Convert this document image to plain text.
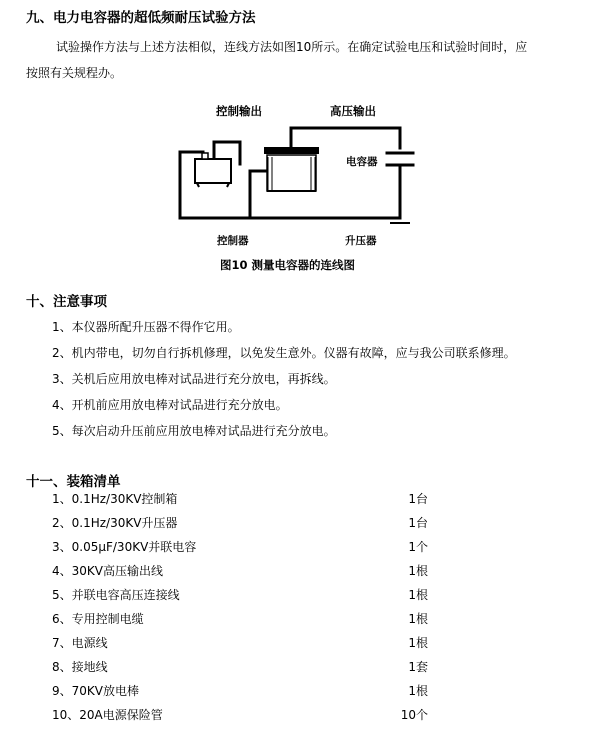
九、电力电容器的超低频耐压试验方法
试验操作方法与上述方法相似，连线方法如图10所示。在确定试验电压和试验时间时，应
按照有关规程办。
控制输出	高压输出
电容器
控制器	升压器
图10 测量电容器的连线图
十、注意事项
1、本仪器所配升压器不得作它用。
2、机内带电，切勿自行拆机修理，以免发生意外。仪器有故障，应与我公司联系修理。
3、关机后应用放电棒对试品进行充分放电，再拆线。
4、开机前应用放电棒对试品进行充分放电。
5、每次启动升压前应用放电棒对试品进行充分放电。
十一、装箱清单
1、0.1Hz/30KV控制箱	1台
2、0.1Hz/30KV升压器	1台
3、0.05μF/30KV并联电容	1个
4、30KV高压输出线	1根
5、并联电容高压连接线	1根
6、专用控制电缆	1根
7、电源线	1根
8、接地线	1套
9、70KV放电棒	1根
10、20A电源保险管	10个
